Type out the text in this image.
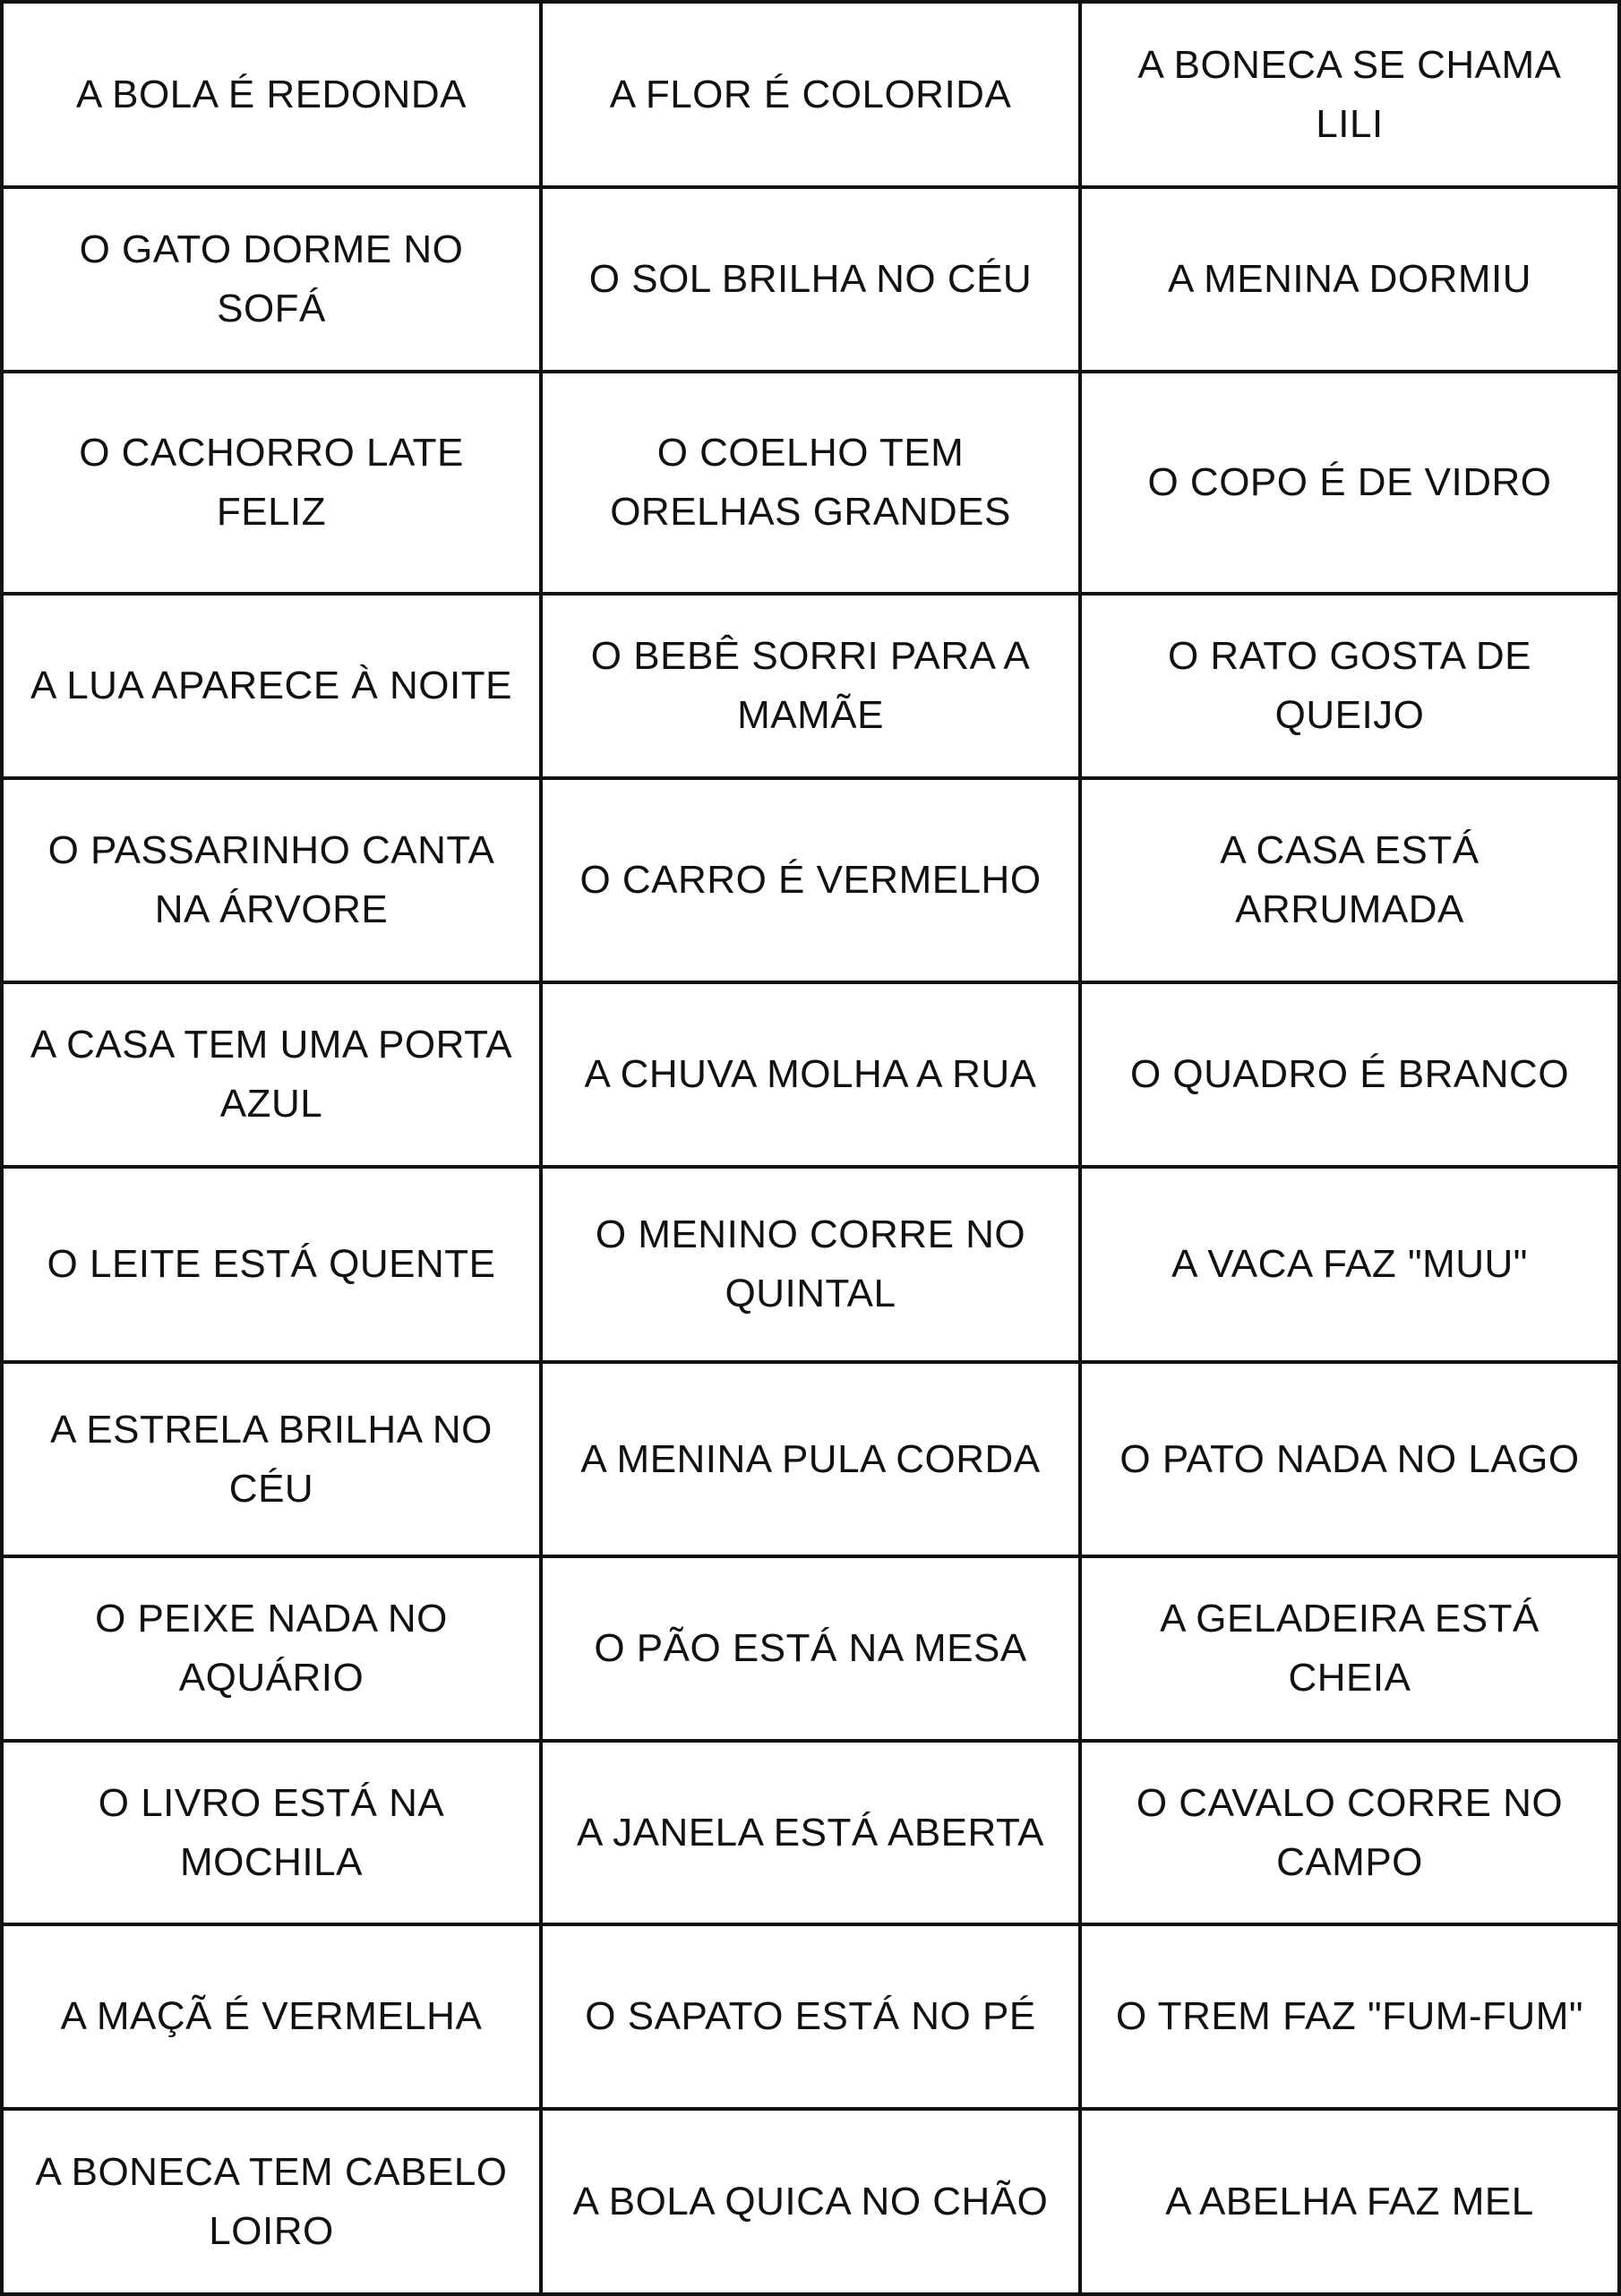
A BOLA É REDONDA	A FLOR É COLORIDA	A BONECA SE CHAMA LILI
O GATO DORME NO SOFÁ	O SOL BRILHA NO CÉU	A MENINA DORMIU
O CACHORRO LATE FELIZ	O COELHO TEM ORELHAS GRANDES	O COPO É DE VIDRO
A LUA APARECE À NOITE	O BEBÊ SORRI PARA A MAMÃE	O RATO GOSTA DE QUEIJO
O PASSARINHO CANTA NA ÁRVORE	O CARRO É VERMELHO	A CASA ESTÁ ARRUMADA
A CASA TEM UMA PORTA AZUL	A CHUVA MOLHA A RUA	O QUADRO É BRANCO
O LEITE ESTÁ QUENTE	O MENINO CORRE NO QUINTAL	A VACA FAZ "MUU"
A ESTRELA BRILHA NO CÉU	A MENINA PULA CORDA	O PATO NADA NO LAGO
O PEIXE NADA NO AQUÁRIO	O PÃO ESTÁ NA MESA	A GELADEIRA ESTÁ CHEIA
O LIVRO ESTÁ NA MOCHILA	A JANELA ESTÁ ABERTA	O CAVALO CORRE NO CAMPO
A MAÇÃ É VERMELHA	O SAPATO ESTÁ NO PÉ	O TREM FAZ "FUM-FUM"
A BONECA TEM CABELO LOIRO	A BOLA QUICA NO CHÃO	A ABELHA FAZ MEL
